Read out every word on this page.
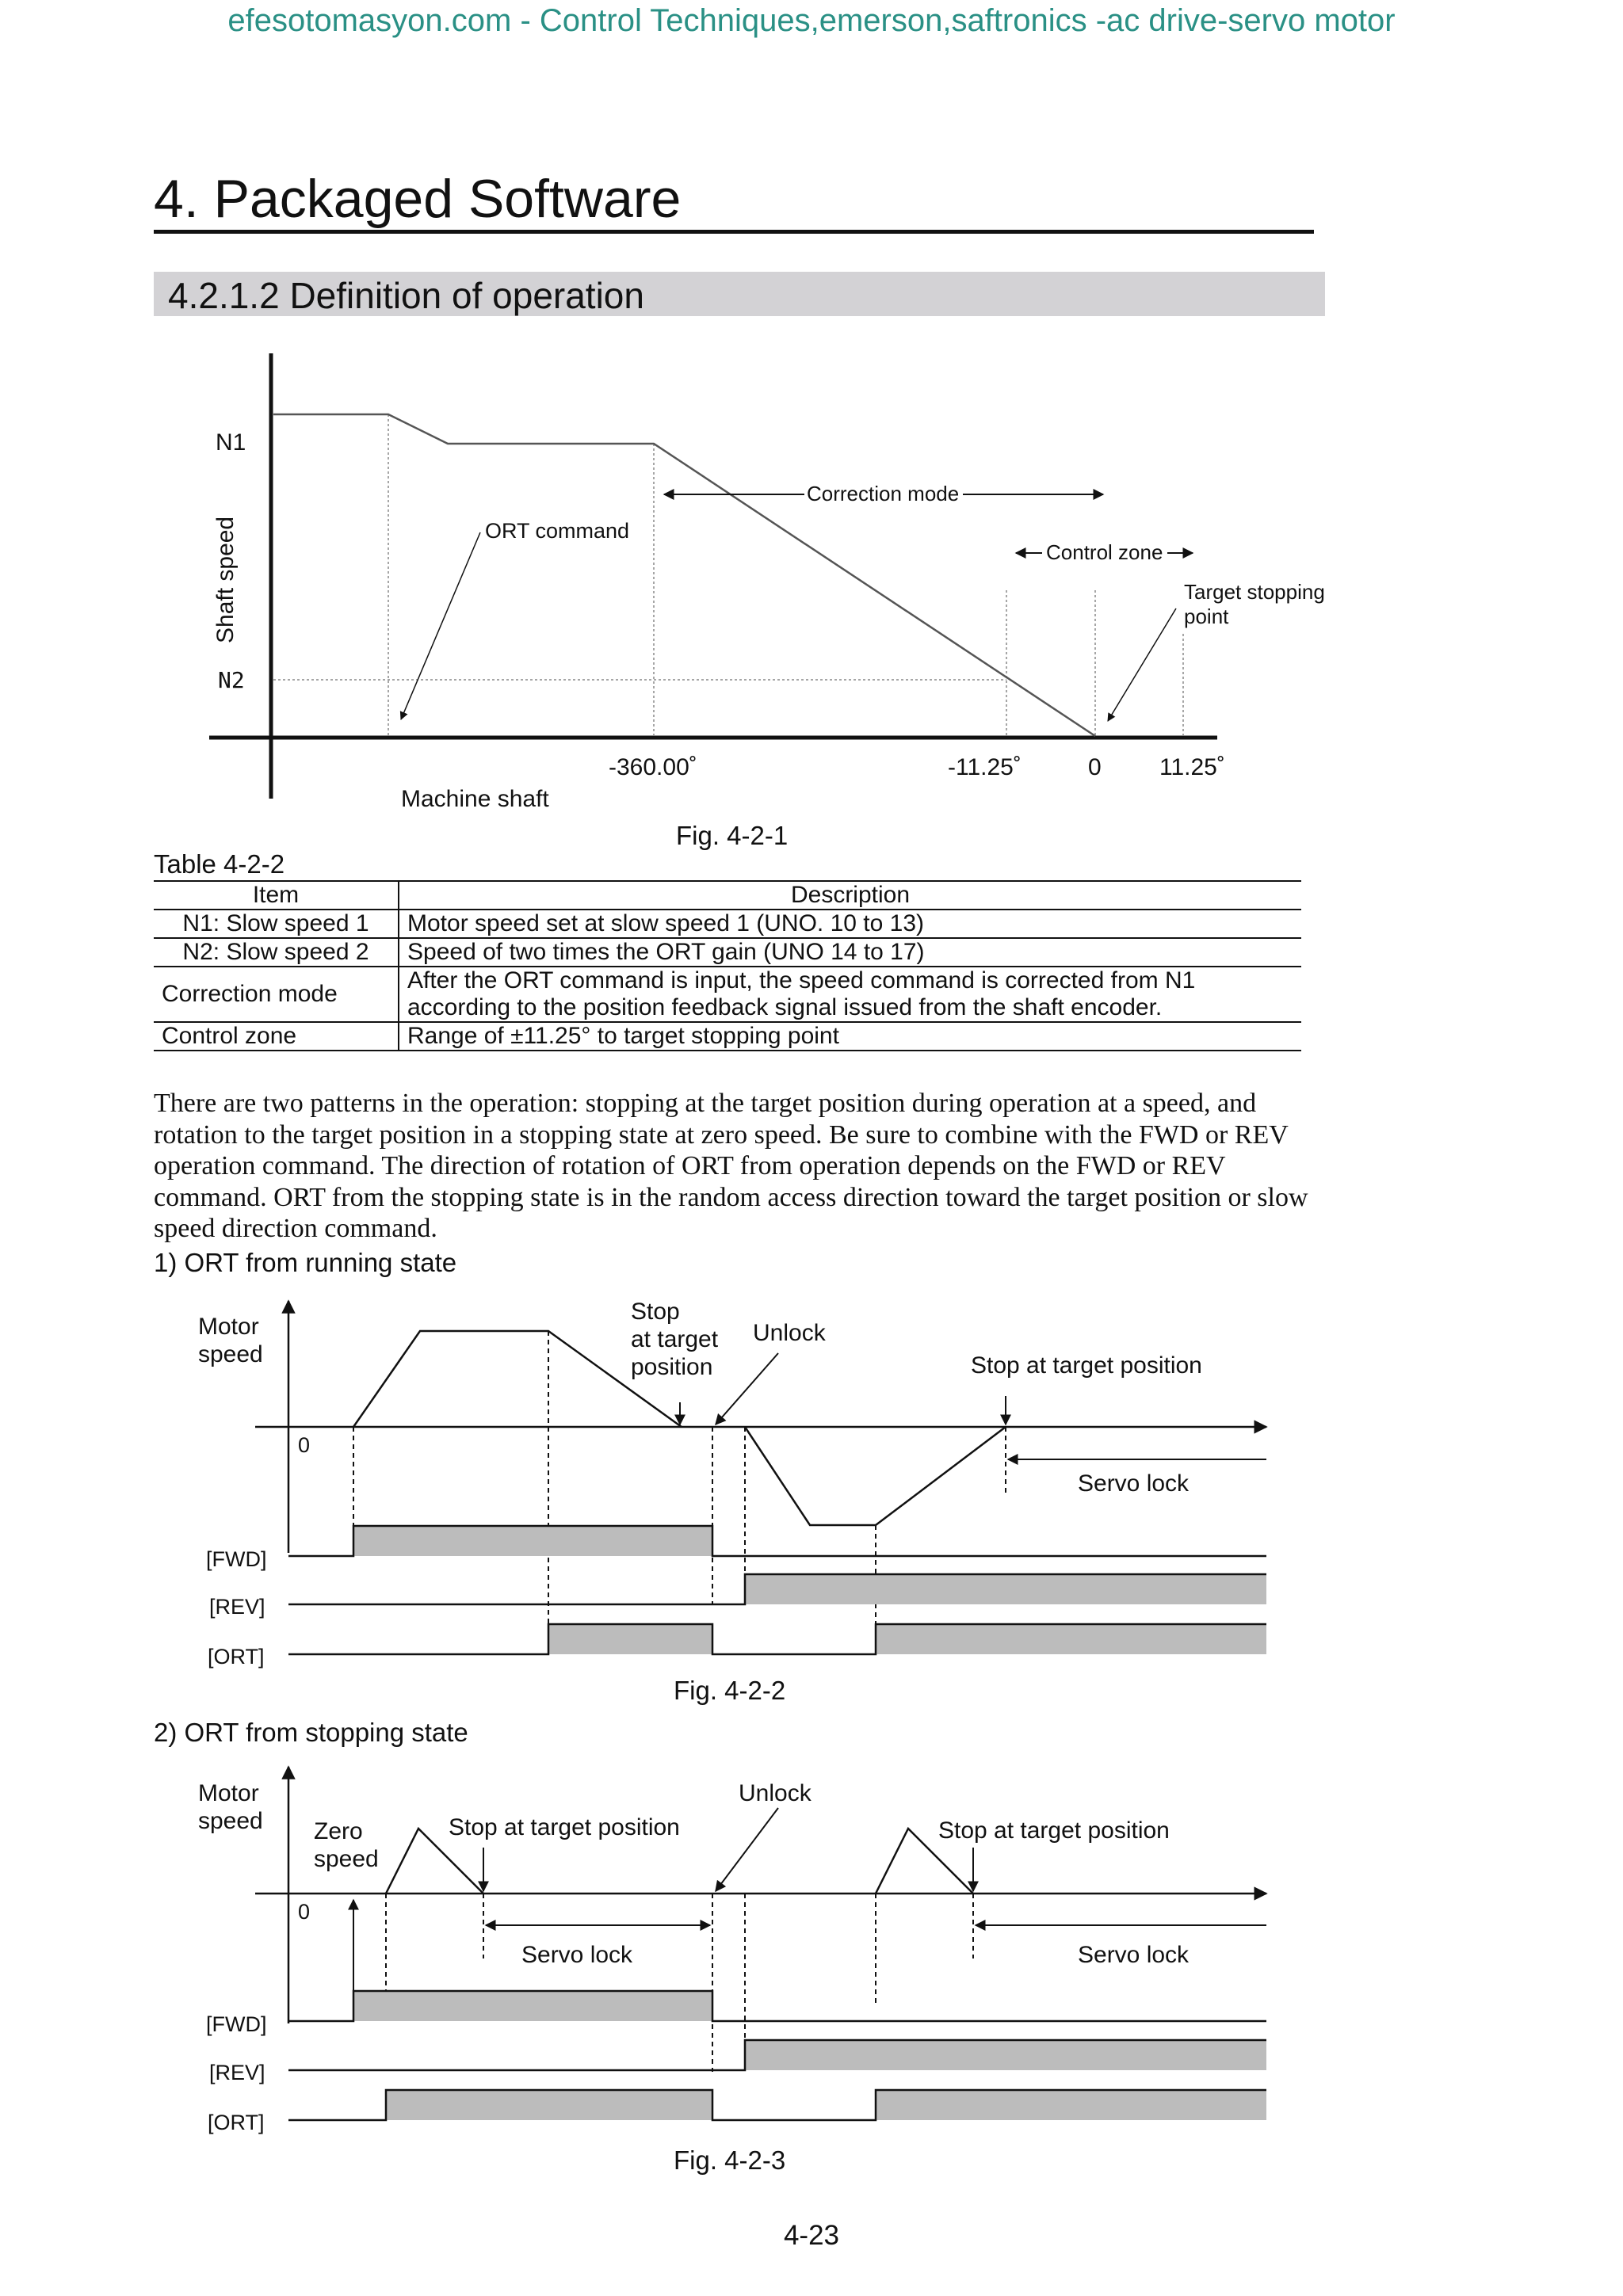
efesotomasyon.com - Control Techniques,emerson,saftronics -ac drive-servo motor
4. Packaged Software
4.2.1.2 Definition of operation
N1
N2
Shaft speed	ORT command
Correction mode
Control zone
Target stopping
point
-360.00˚	-11.25˚	0 11.25˚
Machine shaft
Fig. 4-2-1
Table 4-2-2
Item	Description
N1: Slow speed 1	Motor speed set at slow speed 1 (UNO. 10 to 13)
N2: Slow speed 2	Speed of two times the ORT gain (UNO 14 to 17)
Correction mode	After the ORT command is input, the speed command is corrected from N1
according to the position feedback signal issued from the shaft encoder.

Control zone	Range of ±11.25° to target stopping point
There are two patterns in the operation: stopping at the target position during operation at a speed, and rotation to the target position in a stopping state at zero speed. Be sure to combine with the FWD or REV operation command. The direction of rotation of ORT from operation depends on the FWD or REV command. ORT from the stopping state is in the random access direction toward the target position or slow speed direction command.
1) ORT from running state
Motor
speed
0
Stop
at target
position
Unlock
Stop at target position
Servo lock
[FWD]
[REV]
[ORT]
Fig. 4-2-2
2) ORT from stopping state
Motor
speed Zero
speed
0
Stop at target position
Unlock
Stop at target position
Servo lock	Servo lock
[FWD]
[REV]
[ORT]
Fig. 4-2-3
4-23
